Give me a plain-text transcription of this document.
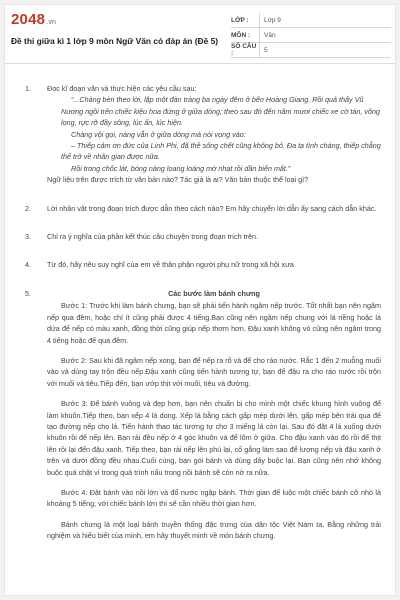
2048.vn
Đề thi giữa kì 1 lớp 9 môn Ngữ Văn có đáp án (Đề 5)
LỚP :	Lớp 9
MÔN :	Văn
SỐ CÂU :	5
1. Đọc kĩ đoạn văn và thực hiện các yêu cầu sau:

“...Chàng bèn theo lời, lập một đàn tràng ba ngày đêm ở bến Hoàng Giang. Rồi quả thấy Vũ Nương ngồi trên chiếc kiệu hoa đứng ở giữa dòng; theo sau đó đến năm mươi chiếc xe cờ tán, võng lọng, rực rỡ đầy sông, lúc ẩn, lúc hiện.

Chàng vội gọi, nàng vẫn ở giữa dòng mà nói vọng vào:

– Thiếp cảm ơn đức của Linh Phi, đã thề sống chết cũng không bỏ. Đa tạ tình chàng, thiếp chẳng thể trở về nhân gian được nữa.

Rồi trong chốc lát, bóng nàng loang loáng mờ nhạt rồi dần biến mất.”

Ngữ liệu trên được trích từ văn bản nào? Tác giả là ai? Văn bản thuộc thể loại gì?
2. Lời nhân vật trong đoạn trích được dẫn theo cách nào? Em hãy chuyển lời dẫn ấy sang cách dẫn khác.
3. Chỉ ra ý nghĩa của phần kết thúc câu chuyện trong đoạn trích trên.
4. Từ đó, hãy nêu suy nghĩ của em về thân phận người phụ nữ trong xã hội xưa
5.	Các bước làm bánh chưng

Bước 1: Trước khi làm bánh chưng, bạn sẽ phải tiến hành ngâm nếp trước. Tốt nhất bạn nên ngâm nếp qua đêm, hoặc chí ít cũng phải được 4 tiếng.Bạn cũng nên ngâm nếp chung với lá riềng hoặc lá dứa để nếp có màu xanh, đồng thời cũng giúp nếp thơm hơn. Đậu xanh không vỏ cũng nên ngâm trong 4 tiếng hoặc để qua đêm.

Bước 2: Sau khi đã ngâm nếp xong, bạn để nếp ra rổ và để cho ráo nước. Rắc 1 đến 2 muỗng muối vào và dùng tay trộn đều nếp.Đậu xanh cũng tiến hành tương tự, bạn để đậu ra cho ráo nước rồi trộn với muối và tiêu.Tiếp đến, bạn ướp thịt với muối, tiêu và đường.

Bước 3: Để bánh vuông và đẹp hơn, bạn nên chuẩn bị cho mình một chiếc khung hình vuông để làm khuôn.Tiếp theo, bạn xếp 4 lá dong. Xếp lá bằng cách gấp mép dưới lên, gấp mép bên trái qua để tạo đường nếp cho lá. Tiến hành thao tác tương tự cho 3 miếng lá còn lại. Sau đó đặt 4 lá xuống dưới khuôn rồi để nếp lên. Bạn rải đều nếp ở 4 góc khuôn và để lõm ở giữa. Cho đậu xanh vào đó rồi để thịt lên rồi lại đến đậu xanh. Tiếp theo, bạn rải nếp lên phủ lại, cố gắng làm sao để lượng nếp và đậu xanh ở trên và dưới đồng đều nhau.Cuối cùng, bạn gói bánh và dùng dây buộc lại. Bạn cũng nên nhớ không buộc quá chặt vì trong quá trình nấu trong nồi bánh sẽ còn nở ra nữa.

Bước 4: Đặt bánh vào nồi lớn và đổ nước ngập bánh. Thời gian để luộc một chiếc bánh cỡ nhỏ là khoảng 5 tiếng, với chiếc bánh lớn thì sẽ cần nhiều thời gian hơn.

Bánh chưng là một loại bánh truyền thống đặc trưng của dân tộc Việt Nam ta. Bằng những trải nghiệm và hiểu biết của mình, em hãy thuyết minh về món bánh chưng.
